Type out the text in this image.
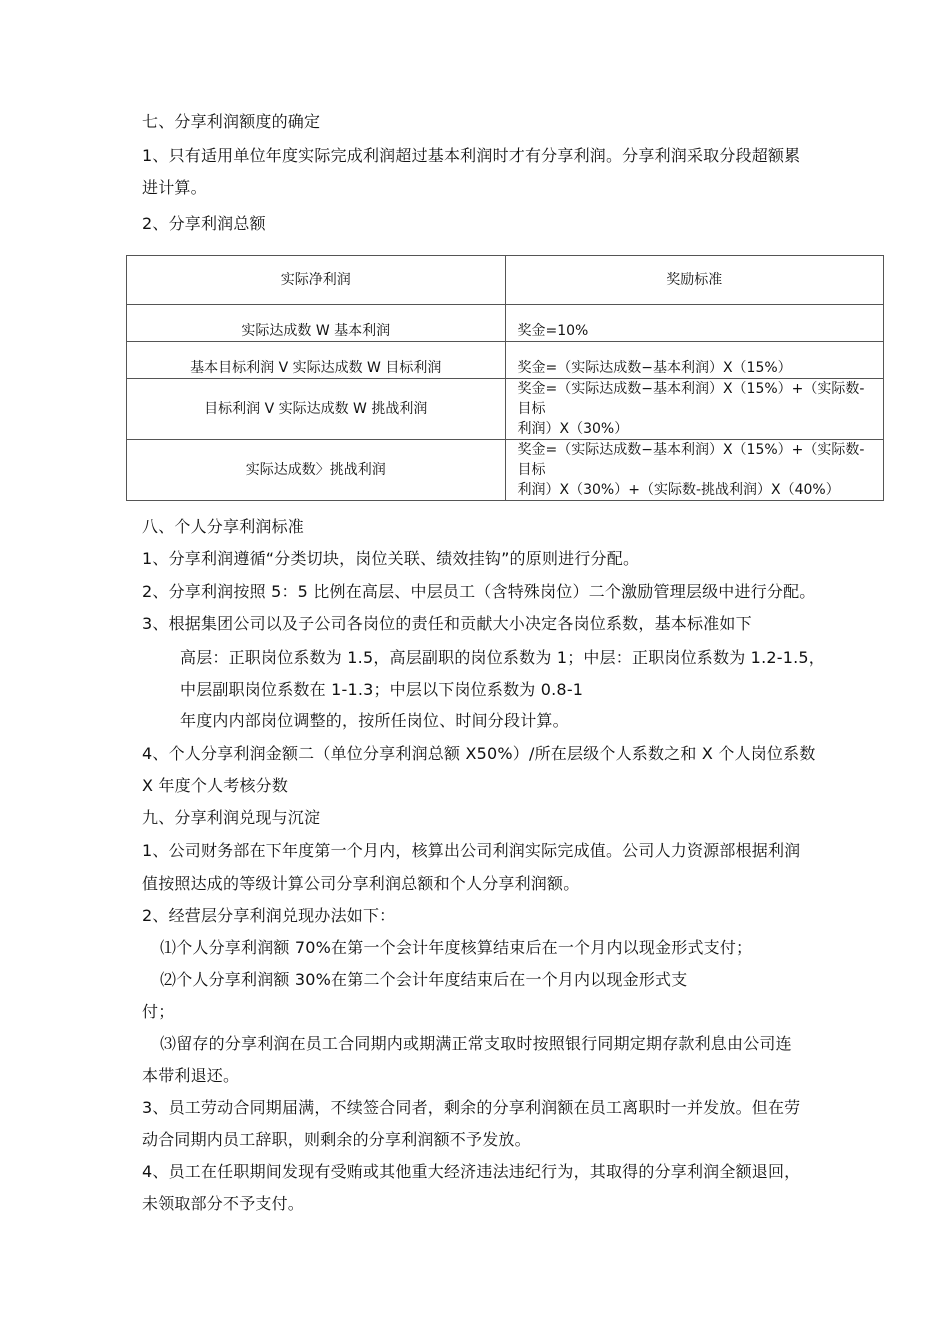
七、分享利润额度的确定
1、只有适用单位年度实际完成利润超过基本利润时才有分享利润。分享利润采取分段超额累
进计算。
2、分享利润总额
实际净利润	奖励标准
实际达成数 W 基本利润	奖金=10%

基本目标利润 V 实际达成数 W 目标利润	奖金=（实际达成数−基本利润）X（15%）

目标利润 V 实际达成数 W 挑战利润	奖金=（实际达成数−基本利润）X（15%）+（实际数-目标
利润）X（30%）

实际达成数〉挑战利润	奖金=（实际达成数−基本利润）X（15%）+（实际数-目标
利润）X（30%）+（实际数-挑战利润）X（40%）
八、个人分享利润标准
1、分享利润遵循“分类切块，岗位关联、绩效挂钩”的原则进行分配。
2、分享利润按照 5：5 比例在高层、中层员工（含特殊岗位）二个激励管理层级中进行分配。
3、根据集团公司以及子公司各岗位的责任和贡献大小决定各岗位系数，基本标准如下
高层：正职岗位系数为 1.5，高层副职的岗位系数为 1；中层：正职岗位系数为 1.2-1.5，
中层副职岗位系数在 1-1.3；中层以下岗位系数为 0.8-1
年度内内部岗位调整的，按所任岗位、时间分段计算。
4、个人分享利润金额二（单位分享利润总额 X50%）/所在层级个人系数之和 X 个人岗位系数
X 年度个人考核分数
九、分享利润兑现与沉淀
1、公司财务部在下年度第一个月内，核算出公司利润实际完成值。公司人力资源部根据利润
值按照达成的等级计算公司分享利润总额和个人分享利润额。
2、经营层分享利润兑现办法如下：
⑴个人分享利润额 70%在第一个会计年度核算结束后在一个月内以现金形式支付；
⑵个人分享利润额 30%在第二个会计年度结束后在一个月内以现金形式支
付；
⑶留存的分享利润在员工合同期内或期满正常支取时按照银行同期定期存款利息由公司连
本带利退还。
3、员工劳动合同期届满，不续签合同者，剩余的分享利润额在员工离职时一并发放。但在劳
动合同期内员工辞职，则剩余的分享利润额不予发放。
4、员工在任职期间发现有受贿或其他重大经济违法违纪行为，其取得的分享利润全额退回，
未领取部分不予支付。
